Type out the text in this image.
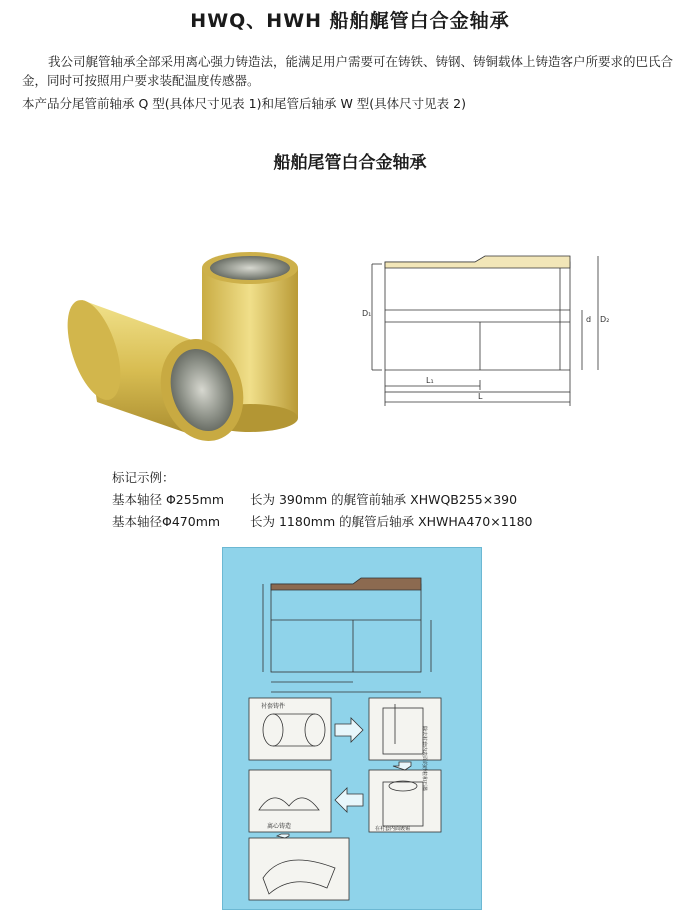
HWQ、HWH 船舶艉管白合金轴承
我公司艉管轴承全部采用离心强力铸造法，能满足用户需要可在铸铁、铸钢、铸铜载体上铸造客户所要求的巴氏合金，同时可按照用户要求装配温度传感器。
本产品分尾管前轴承 Q 型(具体尺寸见表 1)和尾管后轴承 W 型(具体尺寸见表 2)
船舶尾管白合金轴承
D₁
d D₂
L₁
L
标记示例：
基本轴径 Φ255mm 长为 390mm 的艉管前轴承 XHWQB255×390
基本轴径Φ470mm 长为 1180mm 的艉管后轴承 XHWHA470×1180
衬套铸件
除去衬套内表面的砂粒和石墨
离心铸造	在衬套内面镀锡
